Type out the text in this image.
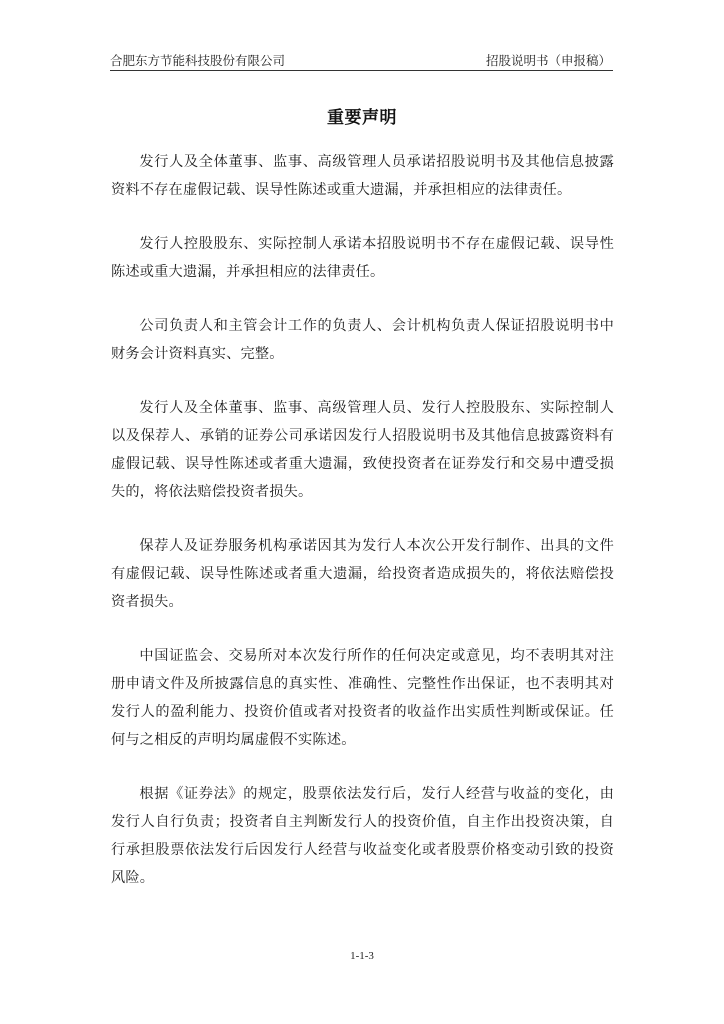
合肥东方节能科技股份有限公司	招股说明书（申报稿）
重要声明

发行人及全体董事、监事、高级管理人员承诺招股说明书及其他信息披露资料不存在虚假记载、误导性陈述或重大遗漏，并承担相应的法律责任。

发行人控股股东、实际控制人承诺本招股说明书不存在虚假记载、误导性陈述或重大遗漏，并承担相应的法律责任。

公司负责人和主管会计工作的负责人、会计机构负责人保证招股说明书中财务会计资料真实、完整。

发行人及全体董事、监事、高级管理人员、发行人控股股东、实际控制人以及保荐人、承销的证券公司承诺因发行人招股说明书及其他信息披露资料有虚假记载、误导性陈述或者重大遗漏，致使投资者在证券发行和交易中遭受损失的，将依法赔偿投资者损失。

保荐人及证券服务机构承诺因其为发行人本次公开发行制作、出具的文件有虚假记载、误导性陈述或者重大遗漏，给投资者造成损失的，将依法赔偿投资者损失。

中国证监会、交易所对本次发行所作的任何决定或意见，均不表明其对注册申请文件及所披露信息的真实性、准确性、完整性作出保证，也不表明其对发行人的盈利能力、投资价值或者对投资者的收益作出实质性判断或保证。任何与之相反的声明均属虚假不实陈述。

根据《证券法》的规定，股票依法发行后，发行人经营与收益的变化，由发行人自行负责；投资者自主判断发行人的投资价值，自主作出投资决策，自行承担股票依法发行后因发行人经营与收益变化或者股票价格变动引致的投资风险。

1-1-3
